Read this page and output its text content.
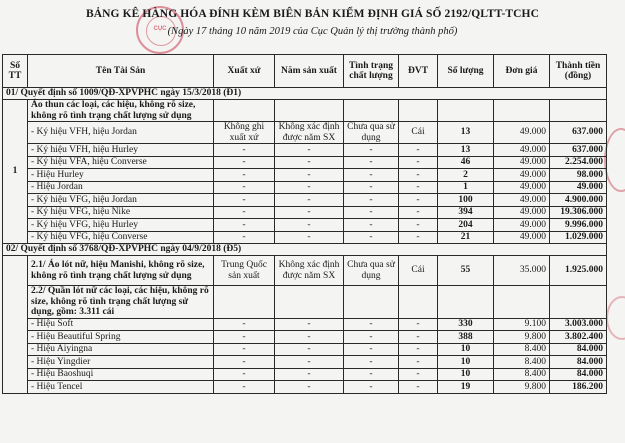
CỤC
BẢNG KÊ HÀNG HÓA ĐÍNH KÈM BIÊN BẢN KIỂM ĐỊNH GIÁ SỐ 2192/QLTT-TCHC
(Ngày 17 tháng 10 năm 2019 của Cục Quản lý thị trường thành phố)
Số TT	Tên Tài Sản	Xuất xứ	Năm sản xuất	Tình trạng chất lượng	ĐVT	Số lượng	Đơn giá	Thành tiền (đồng)
01/ Quyết định số 1009/QĐ-XPVPHC ngày 15/3/2018 (Đ1)								
1	Áo thun các loại, các hiệu, không rõ size, không rõ tình trạng chất lượng sử dụng							
	- Ký hiệu VFH, hiệu Jordan	Không ghi xuất xứ	Không xác định được năm SX	Chưa qua sử dụng	Cái	13	49.000	637.000
	- Ký hiệu VFH, hiệu Hurley	-	-	-	-	13	49.000	637.000
	- Ký hiệu VFA, hiệu Converse	-	-	-	-	46	49.000	2.254.000
	- Hiệu Hurley	-	-	-	-	2	49.000	98.000
	- Hiệu Jordan	-	-	-	-	1	49.000	49.000
	- Ký hiệu VFG, hiệu Jordan	-	-	-	-	100	49.000	4.900.000
	- Ký hiệu VFG, hiệu Nike	-	-	-	-	394	49.000	19.306.000
	- Ký hiệu VFG, hiệu Hurley	-	-	-	-	204	49.000	9.996.000
	- Ký hiệu VFG, hiệu Converse	-	-	-	-	21	49.000	1.029.000
02/ Quyết định số 3768/QĐ-XPVPHC ngày 04/9/2018 (Đ5)								
	2.1/ Áo lót nữ, hiệu Manishi, không rõ size, không rõ tình trạng chất lượng sử dụng	Trung Quốc sản xuất	Không xác định được năm SX	Chưa qua sử dụng	Cái	55	35.000	1.925.000
	2.2/ Quần lót nữ các loại, các hiệu, không rõ size, không rõ tình trạng chất lượng sử dụng, gồm: 3.311 cái							
	- Hiệu Soft	-	-	-	-	330	9.100	3.003.000
	- Hiệu Beautiful Spring	-	-	-	-	388	9.800	3.802.400
	- Hiệu Aiyingna	-	-	-	-	10	8.400	84.000
	- Hiệu Yingdier	-	-	-	-	10	8.400	84.000
	- Hiệu Baoshuqi	-	-	-	-	10	8.400	84.000
	- Hiệu Tencel	-	-	-	-	19	9.800	186.200
